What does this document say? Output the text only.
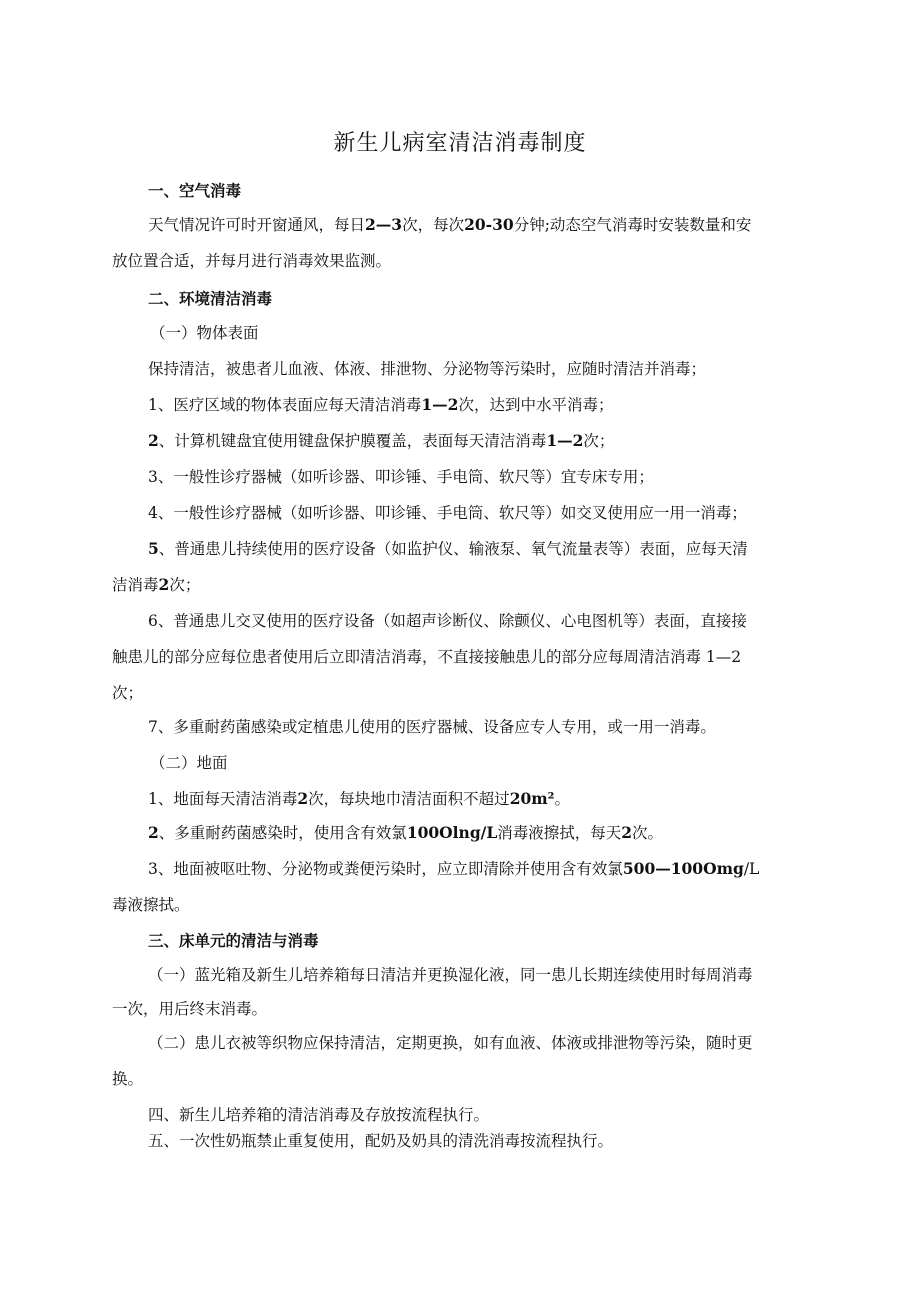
新生儿病室清洁消毒制度
一、空气消毒
天气情况许可时开窗通风，每日2—3次，每次20-30分钟;动态空气消毒时安装数量和安
放位置合适，并每月进行消毒效果监测。
二、环境清洁消毒
（一）物体表面
保持清洁，被患者儿血液、体液、排泄物、分泌物等污染时，应随时清洁并消毒；
1、医疗区域的物体表面应每天清洁消毒1—2次，达到中水平消毒；
2、计算机键盘宜使用键盘保护膜覆盖，表面每天清洁消毒1—2次；
3、一般性诊疗器械（如听诊器、叩诊锤、手电筒、软尺等）宜专床专用；
4、一般性诊疗器械（如听诊器、叩诊锤、手电筒、软尺等）如交叉使用应一用一消毒；
5、普通患儿持续使用的医疗设备（如监护仪、输液泵、氧气流量表等）表面，应每天清
洁消毒2次；
6、普通患儿交叉使用的医疗设备（如超声诊断仪、除颤仪、心电图机等）表面，直接接
触患儿的部分应每位患者使用后立即清洁消毒，不直接接触患儿的部分应每周清洁消毒 1—2
次；
7、多重耐药菌感染或定植患儿使用的医疗器械、设备应专人专用，或一用一消毒。
（二）地面
1、地面每天清洁消毒2次，每块地巾清洁面积不超过20m²。
2、多重耐药菌感染时，使用含有效氯100Olng/L消毒液擦拭，每天2次。
3、地面被呕吐物、分泌物或粪便污染时，应立即清除并使用含有效氯500—100Omg/L
毒液擦拭。
三、床单元的清洁与消毒
（一）蓝光箱及新生儿培养箱每日清洁并更换湿化液，同一患儿长期连续使用时每周消毒
一次，用后终末消毒。
（二）患儿衣被等织物应保持清洁，定期更换，如有血液、体液或排泄物等污染，随时更
换。
四、新生儿培养箱的清洁消毒及存放按流程执行。
五、一次性奶瓶禁止重复使用，配奶及奶具的清洗消毒按流程执行。
